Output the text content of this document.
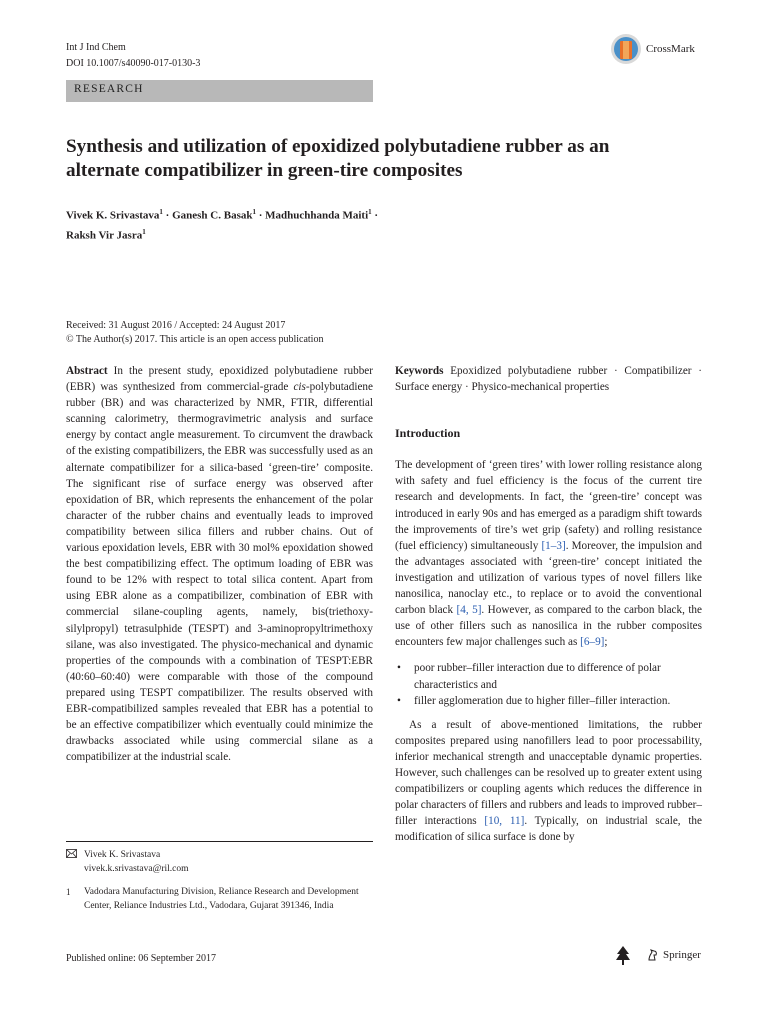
Int J Ind Chem
DOI 10.1007/s40090-017-0130-3
CrossMark
RESEARCH
Synthesis and utilization of epoxidized polybutadiene rubber as an alternate compatibilizer in green-tire composites
Vivek K. Srivastava$^1$ · Ganesh C. Basak$^1$ · Madhuchhanda Maiti$^1$ ·
Raksh Vir Jasra$^1$
Received: 31 August 2016 / Accepted: 24 August 2017
© The Author(s) 2017. This article is an open access publication

Abstract In the present study, epoxidized polybutadiene rubber (EBR) was synthesized from commercial-grade cis-polybutadiene rubber (BR) and was characterized by NMR, FTIR, differential scanning calorimetry, thermogravimetric analysis and surface energy by contact angle measurement. To circumvent the drawback of the existing compatibilizers, the EBR was successfully used as an alternate compatibilizer for a silica-based ‘green-tire’ composite. The significant rise of surface energy was observed after epoxidation of BR, which represents the enhancement of the polar character of the rubber chains and eventually leads to improved compatibility between silica fillers and rubber chains. Out of various epoxidation levels, EBR with 30 mol% epoxidation showed the best compatibilizing effect. The optimum loading of EBR was found to be 12% with respect to total silica content. Apart from using EBR alone as a compatibilizer, combination of EBR with commercial silane-coupling agents, namely, bis(triethoxy-silylpropyl) tetrasulphide (TESPT) and 3-aminopropyltrimethoxy silane, was also investigated. The physico-mechanical and dynamic properties of the compounds with a combination of TESPT:EBR (40:60–60:40) were comparable with those of the compound prepared using TESPT compatibilizer. The results observed with EBR-compatibilized samples revealed that EBR has a potential to be an effective compatibilizer which eventually could minimize the drawbacks associated while using commercial silane as a compatibilizer at the industrial scale.

Keywords Epoxidized polybutadiene rubber · Compatibilizer · Surface energy · Physico-mechanical properties

Introduction

The development of ‘green tires’ with lower rolling resistance along with safety and fuel efficiency is the focus of the current tire research and developments. In fact, the ‘green-tire’ concept was introduced in early 90s and has emerged as a paradigm shift towards the improvements of tire’s wet grip (safety) and rolling resistance (fuel efficiency) simultaneously [1–3]. Moreover, the impulsion and the advantages associated with ‘green-tire’ concept initiated the investigation and utilization of various types of novel fillers like nanosilica, nanoclay etc., to replace or to avoid the conventional carbon black [4, 5]. However, as compared to the carbon black, the use of other fillers such as nanosilica in the rubber composites encounters few major challenges such as [6–9];

• poor rubber–filler interaction due to difference of polar characteristics and
• filler agglomeration due to higher filler–filler interaction.

As a result of above-mentioned limitations, the rubber composites prepared using nanofillers lead to poor processability, inferior mechanical strength and unacceptable dynamic properties. However, such challenges can be resolved up to greater extent using compatibilizers or coupling agents which reduces the difference in polar characters of fillers and rubbers and leads to improved rubber–filler interactions [10, 11]. Typically, on industrial scale, the modification of silica surface is done by

Vivek K. Srivastava
vivek.k.srivastava@ril.com
1	Vadodara Manufacturing Division, Reliance Research and Development Center, Reliance Industries Ltd., Vadodara, Gujarat 391346, India
Published online: 06 September 2017	Springer
